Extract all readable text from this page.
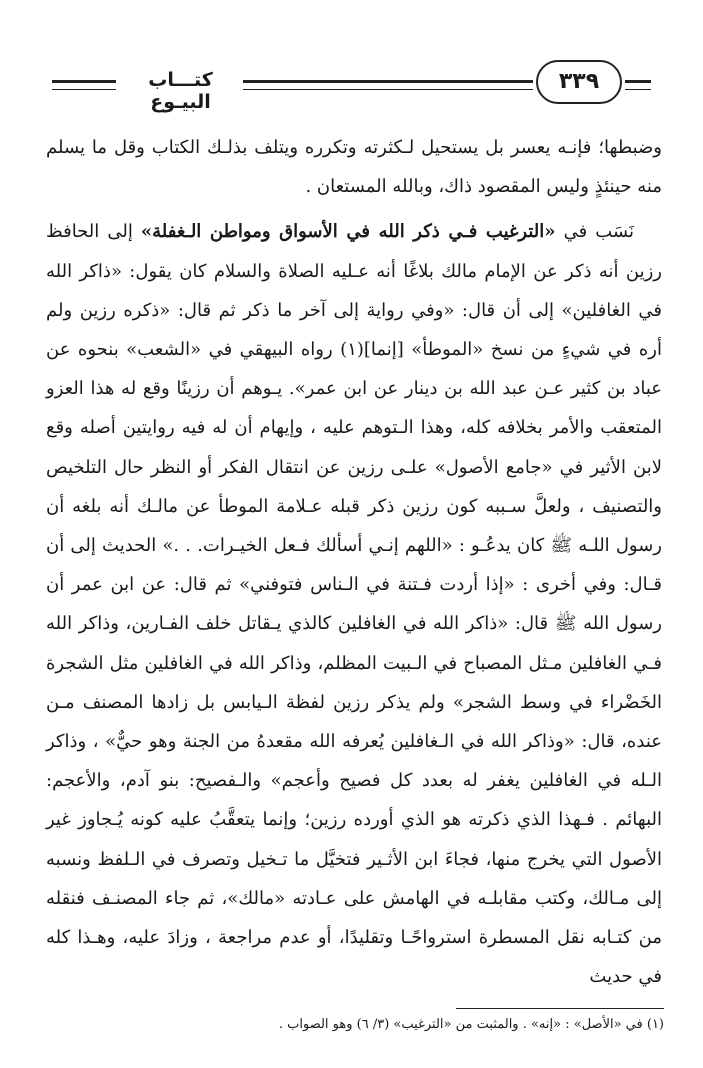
كتـــاب البيـوع
٣٣٩

وضبطها؛ فإنـه يعسر بل يستحيل لـكثرته وتكرره ويتلف بذلـك الكتاب وقل ما يسلم منه حينئذٍ وليس المقصود ذاك، وبالله المستعان .

نَسَب في «الترغيب فـي ذكر الله في الأسواق ومواطن الـغفلة» إلى الحافظ رزين أنه ذكر عن الإمام مالك بلاغًا أنه عـليه الصلاة والسلام كان يقول: «ذاكر الله في الغافلين» إلى أن قال: «وفي رواية إلى آخر ما ذكر ثم قال: «ذكره رزين ولم أره في شيءٍ من نسخ «الموطأ» [إنما](١) رواه البيهقي في «الشعب» بنحوه عن عباد بن كثير عـن عبد الله بن دينار عن ابن عمر». يـوهم أن رزينًا وقع له هذا العزو المتعقب والأمر بخلافه كله، وهذا الـتوهم عليه ، وإيهام أن له فيه روايتين أصله وقع لابن الأثير في «جامع الأصول» علـى رزين عن انتقال الفكر أو النظر حال التلخيص والتصنيف ، ولعلَّ سـببه كون رزين ذكر قبله عـلامة الموطأ عن مالـك أنه بلغه أن رسول اللـه ﷺ كان يدعُـو : «اللهم إنـي أسألك فـعل الخيـرات. . .» الحديث إلى أن قـال: وفي أخرى : «إذا أردت فـتنة في الـناس فتوفني» ثم قال: عن ابن عمر أن رسول الله ﷺ قال: «ذاكر الله في الغافلين كالذي يـقاتل خلف الفـارين، وذاكر الله فـي الغافلين مـثل المصباح في الـبيت المظلم، وذاكر الله في الغافلين مثل الشجرة الخَضْراء في وسط الشجر» ولم يذكر رزين لفظة الـيابس بل زادها المصنف مـن عنده، قال: «وذاكر الله في الـغافلين يُعرفه الله مقعدهُ من الجنة وهو حيٌّ» ، وذاكر الـله في الغافلين يغفر له بعدد كل فصيح وأعجم» والـفصيح: بنو آدم، والأعجم: البهائم . فـهذا الذي ذكرته هو الذي أورده رزين؛ وإنما يتعقَّبُ عليه كونه يُـجاوز غير الأصول التي يخرج منها، فجاءَ ابن الأثـير فتخيَّل ما تـخيل وتصرف في الـلفظ ونسبه إلى مـالك، وكتب مقابلـه في الهامش على عـادته «مالك»، ثم جاء المصنـف فنقله من كتـابه نقل المسطرة استرواحًـا وتقليدًا، أو عدم مراجعة ، وزادَ عليه، وهـذا كله في حديث

(١) في «الأصل» : «إنه» . والمثبت من «الترغيب» (٣/ ٦) وهو الصواب .
